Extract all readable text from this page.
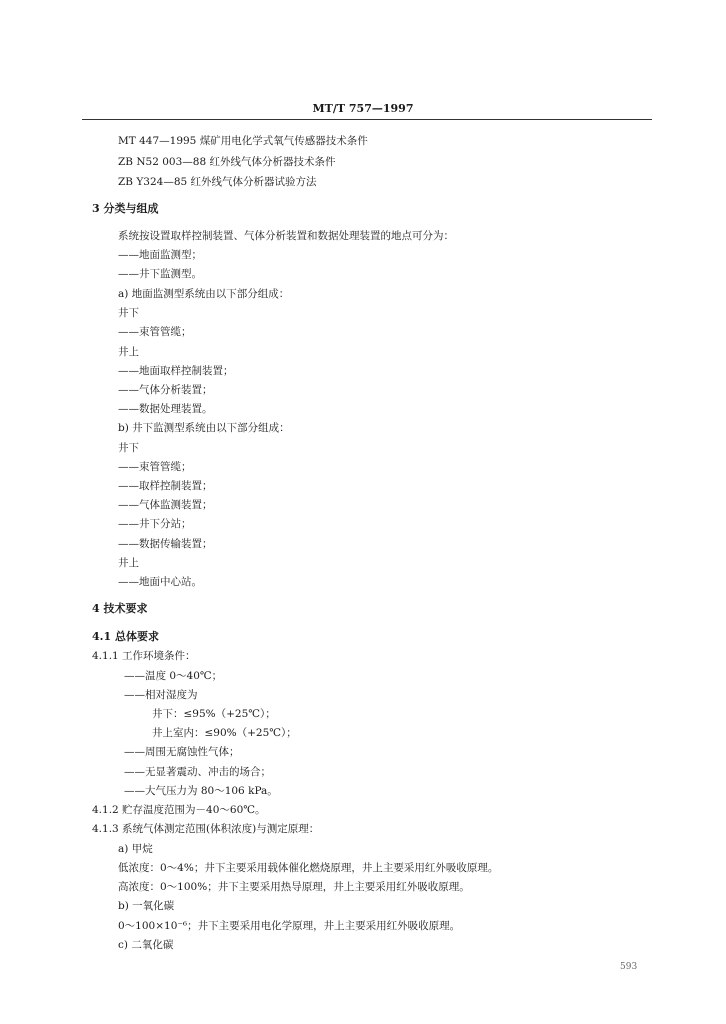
MT/T 757—1997
MT 447—1995 煤矿用电化学式氧气传感器技术条件
ZB N52 003—88 红外线气体分析器技术条件
ZB Y324—85 红外线气体分析器试验方法
3 分类与组成
系统按设置取样控制装置、气体分析装置和数据处理装置的地点可分为：
——地面监测型；
——井下监测型。
a) 地面监测型系统由以下部分组成：
井下
——束管管缆；
井上
——地面取样控制装置；
——气体分析装置；
——数据处理装置。
b) 井下监测型系统由以下部分组成：
井下
——束管管缆；
——取样控制装置；
——气体监测装置；
——井下分站；
——数据传输装置；
井上
——地面中心站。
4 技术要求
4.1 总体要求
4.1.1 工作环境条件：
——温度 0～40℃；
——相对湿度为
井下：≤95%（+25℃）；
井上室内：≤90%（+25℃）；
——周围无腐蚀性气体；
——无显著震动、冲击的场合；
——大气压力为 80～106 kPa。
4.1.2 贮存温度范围为－40～60℃。
4.1.3 系统气体测定范围(体积浓度)与测定原理：
a) 甲烷
低浓度：0～4%；井下主要采用载体催化燃烧原理，井上主要采用红外吸收原理。
高浓度：0～100%；井下主要采用热导原理，井上主要采用红外吸收原理。
b) 一氧化碳
0～100×10⁻⁶；井下主要采用电化学原理，井上主要采用红外吸收原理。
c) 二氧化碳
593
